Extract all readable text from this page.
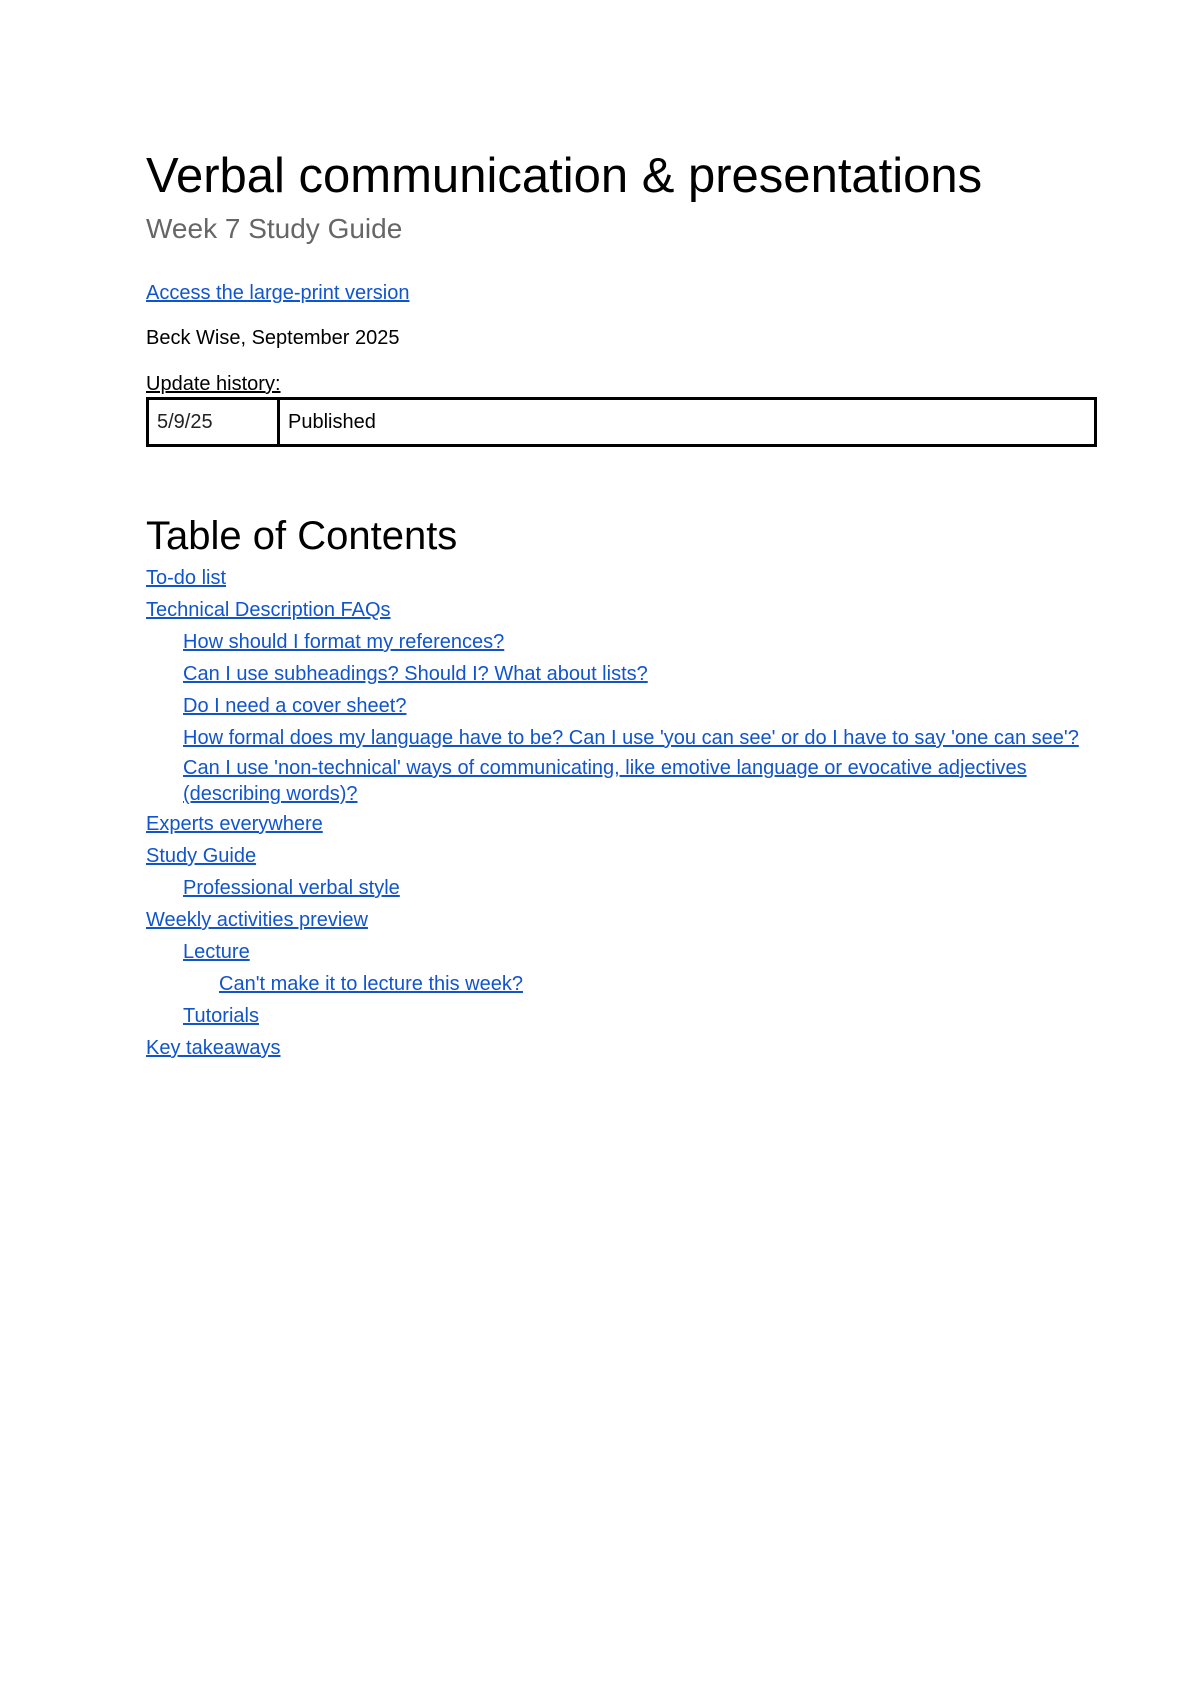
Verbal communication & presentations
Week 7 Study Guide
Access the large-print version
Beck Wise, September 2025
Update history:
5/9/25	Published
Table of Contents
To-do list
Technical Description FAQs
How should I format my references?
Can I use subheadings? Should I? What about lists?
Do I need a cover sheet?
How formal does my language have to be? Can I use 'you can see' or do I have to say 'one can see'?
Can I use 'non-technical' ways of communicating, like emotive language or evocative adjectives (describing words)?
Experts everywhere
Study Guide
Professional verbal style
Weekly activities preview
Lecture
Can't make it to lecture this week?
Tutorials
Key takeaways
